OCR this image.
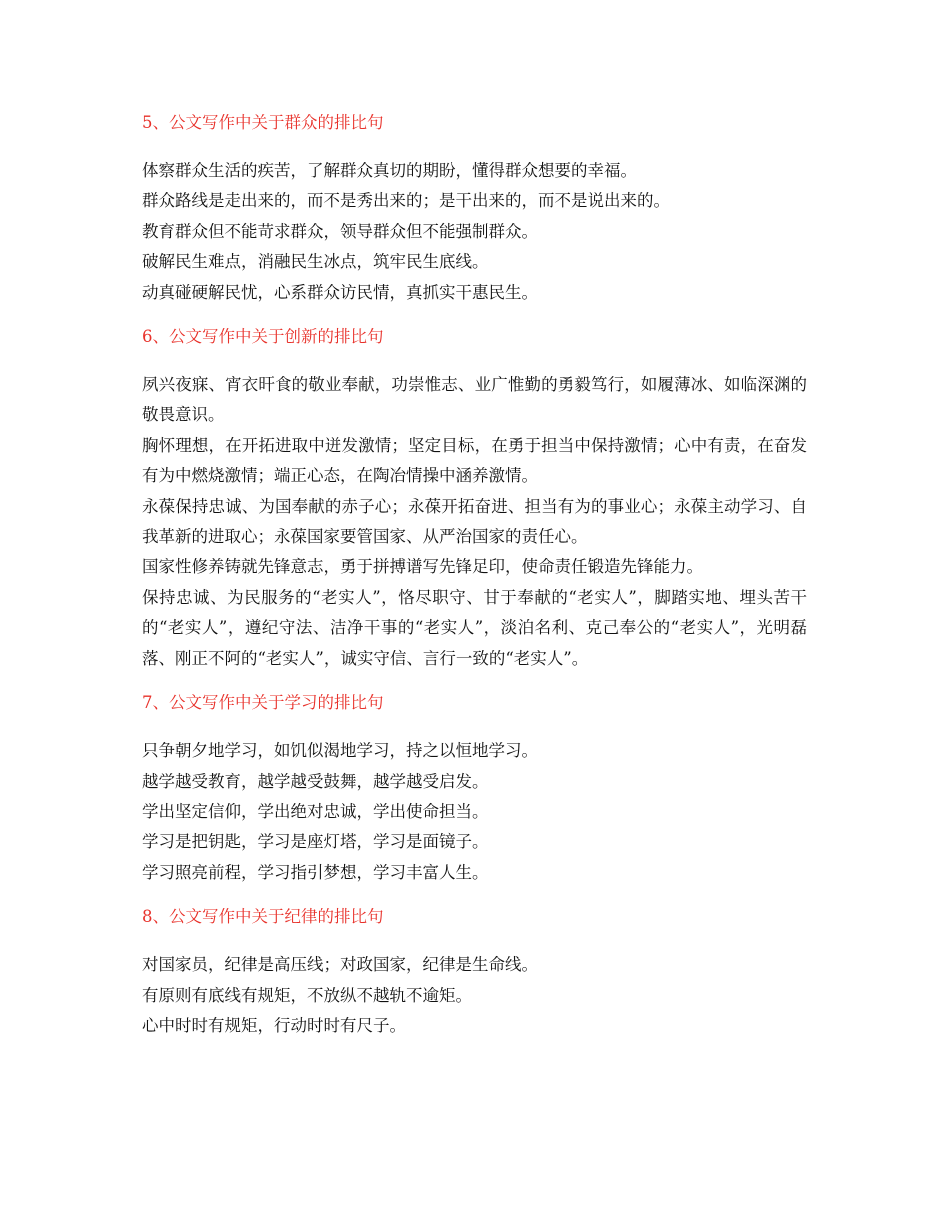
5、公文写作中关于群众的排比句

体察群众生活的疾苦，了解群众真切的期盼，懂得群众想要的幸福。

群众路线是走出来的，而不是秀出来的；是干出来的，而不是说出来的。

教育群众但不能苛求群众，领导群众但不能强制群众。

破解民生难点，消融民生冰点，筑牢民生底线。

动真碰硬解民忧，心系群众访民情，真抓实干惠民生。

6、公文写作中关于创新的排比句

夙兴夜寐、宵衣旰食的敬业奉献，功崇惟志、业广惟勤的勇毅笃行，如履薄冰、如临深渊的敬畏意识。

胸怀理想，在开拓进取中迸发激情；坚定目标，在勇于担当中保持激情；心中有责，在奋发有为中燃烧激情；端正心态，在陶冶情操中涵养激情。

永葆保持忠诚、为国奉献的赤子心；永葆开拓奋进、担当有为的事业心；永葆主动学习、自我革新的进取心；永葆国家要管国家、从严治国家的责任心。

国家性修养铸就先锋意志，勇于拼搏谱写先锋足印，使命责任锻造先锋能力。

保持忠诚、为民服务的“老实人”，恪尽职守、甘于奉献的“老实人”，脚踏实地、埋头苦干的“老实人”，遵纪守法、洁净干事的“老实人”，淡泊名利、克己奉公的“老实人”，光明磊落、刚正不阿的“老实人”，诚实守信、言行一致的“老实人”。

7、公文写作中关于学习的排比句

只争朝夕地学习，如饥似渴地学习，持之以恒地学习。

越学越受教育，越学越受鼓舞，越学越受启发。

学出坚定信仰，学出绝对忠诚，学出使命担当。

学习是把钥匙，学习是座灯塔，学习是面镜子。

学习照亮前程，学习指引梦想，学习丰富人生。

8、公文写作中关于纪律的排比句

对国家员，纪律是高压线；对政国家，纪律是生命线。

有原则有底线有规矩，不放纵不越轨不逾矩。

心中时时有规矩，行动时时有尺子。
